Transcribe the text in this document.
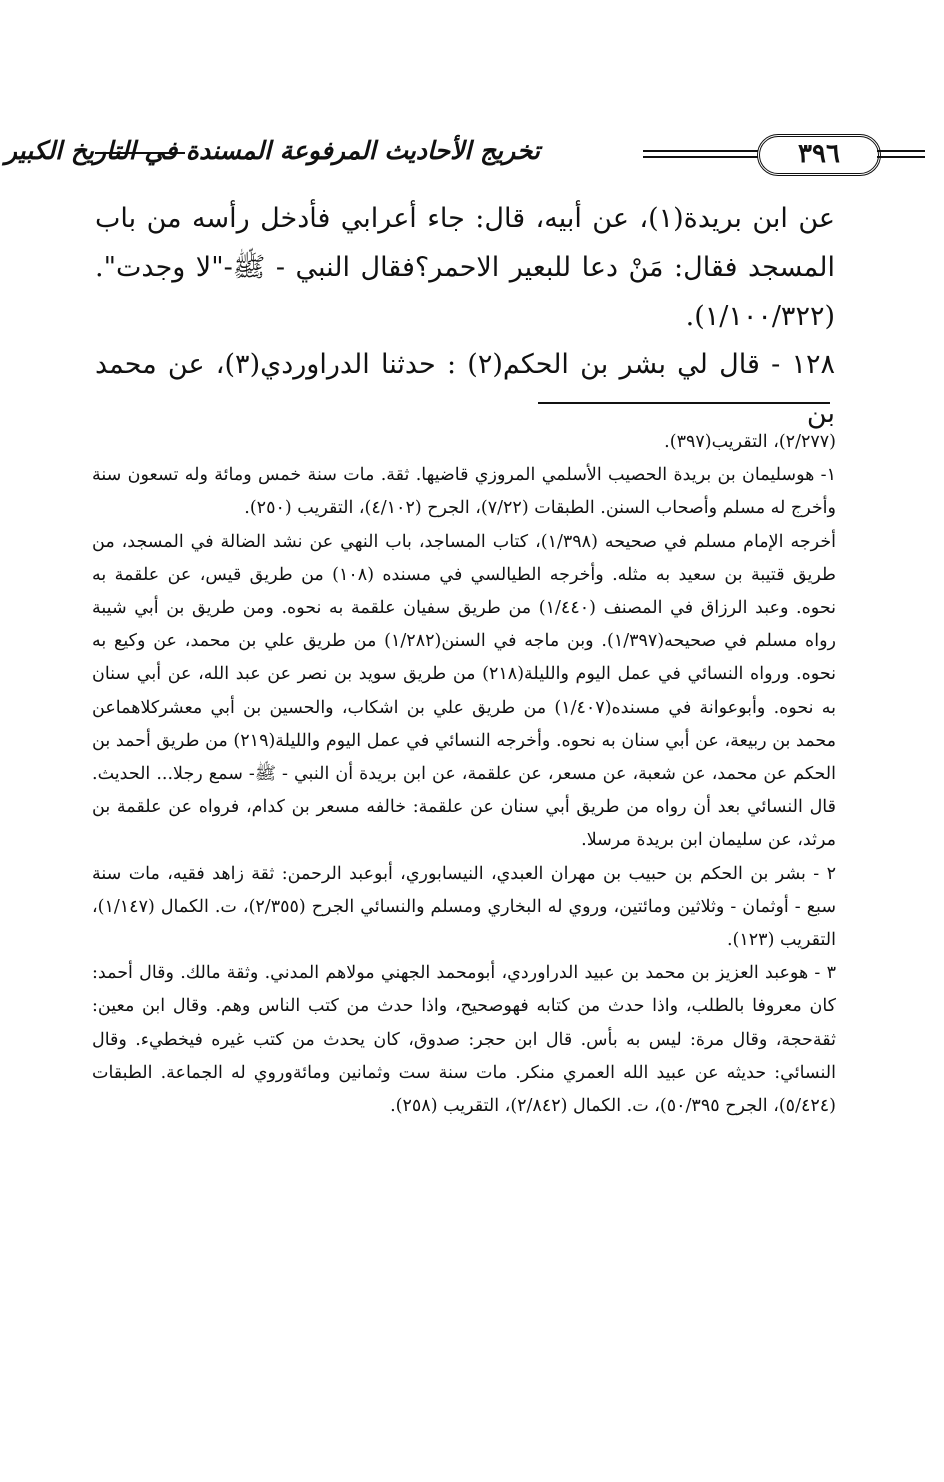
تخريج الأحاديث المرفوعة المسندة في التاريخ الكبير	٣٩٦

عن ابن بريدة(١)، عن أبيه، قال: جاء أعرابي فأدخل رأسه من باب المسجد فقال: مَنْ دعا للبعير الاحمر؟فقال النبي - ﷺ-"لا وجدت". (١/١٠٠/٣٢٢).

١٢٨ - قال لي بشر بن الحكم(٢) : حدثنا الدراوردي(٣)، عن محمد بن

(٢/٢٧٧)، التقريب(٣٩٧).

١- هوسليمان بن بريدة الحصيب الأسلمي المروزي قاضيها. ثقة. مات سنة خمس ومائة وله تسعون سنة وأخرج له مسلم وأصحاب السنن. الطبقات (٧/٢٢)، الجرح (٤/١٠٢)، التقريب (٢٥٠).

أخرجه الإمام مسلم في صحيحه (١/٣٩٨)، كتاب المساجد، باب النهي عن نشد الضالة في المسجد، من طريق قتيبة بن سعيد به مثله. وأخرجه الطيالسي في مسنده (١٠٨) من طريق قيس، عن علقمة به نحوه. وعبد الرزاق في المصنف (١/٤٤٠) من طريق سفيان علقمة به نحوه. ومن طريق بن أبي شيبة رواه مسلم في صحيحه(١/٣٩٧). وبن ماجه في السنن(١/٢٨٢) من طريق علي بن محمد، عن وكيع به نحوه. ورواه النسائي في عمل اليوم والليلة(٢١٨) من طريق سويد بن نصر عن عبد الله، عن أبي سنان به نحوه. وأبوعوانة في مسنده(١/٤٠٧) من طريق علي بن اشكاب، والحسين بن أبي معشركلاهماعن محمد بن ربيعة، عن أبي سنان به نحوه. وأخرجه النسائي في عمل اليوم والليلة(٢١٩) من طريق أحمد بن الحكم عن محمد، عن شعبة، عن مسعر، عن علقمة، عن ابن بريدة أن النبي - ﷺ- سمع رجلا... الحديث. قال النسائي بعد أن رواه من طريق أبي سنان عن علقمة: خالفه مسعر بن كدام، فرواه عن علقمة بن مرثد، عن سليمان ابن بريدة مرسلا.

٢ - بشر بن الحكم بن حبيب بن مهران العبدي، النيسابوري، أبوعبد الرحمن: ثقة زاهد فقيه، مات سنة سبع - أوثمان - وثلاثين ومائتين، وروي له البخاري ومسلم والنسائي الجرح (٢/٣٥٥)، ت. الكمال (١/١٤٧)، التقريب (١٢٣).

٣ - هوعبد العزيز بن محمد بن عبيد الدراوردي، أبومحمد الجهني مولاهم المدني. وثقة مالك. وقال أحمد: كان معروفا بالطلب، واذا حدث من كتابه فهوصحيح، واذا حدث من كتب الناس وهم. وقال ابن معين: ثقةحجة، وقال مرة: ليس به بأس. قال ابن حجر: صدوق، كان يحدث من كتب غيره فيخطيء. وقال النسائي: حديثه عن عبيد الله العمري منكر. مات سنة ست وثمانين ومائةوروي له الجماعة. الطبقات (٥/٤٢٤)، الجرح ٥٠/٣٩٥)، ت. الكمال (٢/٨٤٢)، التقريب (٢٥٨).
